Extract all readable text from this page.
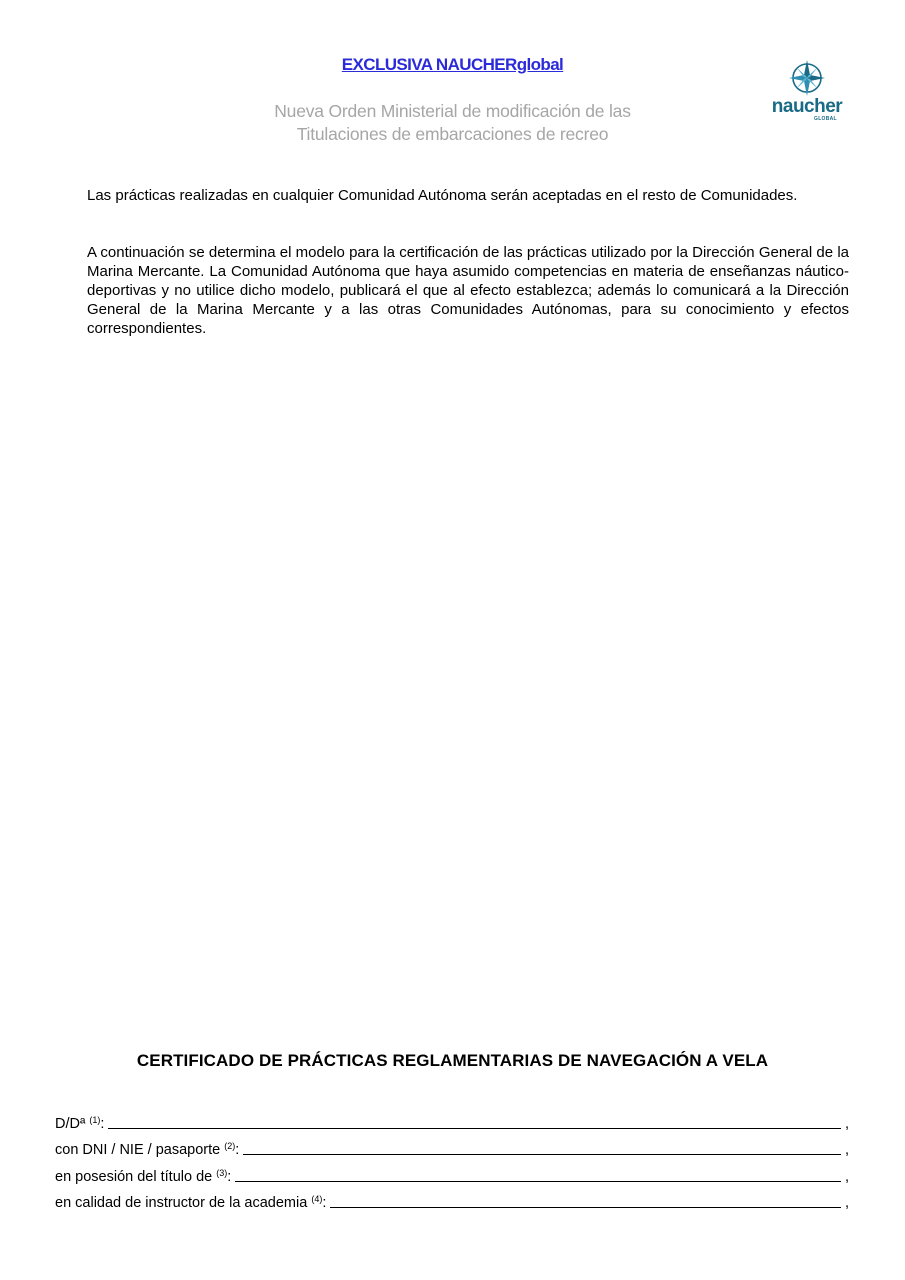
EXCLUSIVA NAUCHERglobal
Nueva Orden Ministerial de modificación de las
Titulaciones de embarcaciones de recreo
naucher
GLOBAL

Las prácticas realizadas en cualquier Comunidad Autónoma serán aceptadas en el resto de Comunidades.

A continuación se determina el modelo para la certificación de las prácticas utilizado por la Dirección General de la Marina Mercante. La Comunidad Autónoma que haya asumido competencias en materia de enseñanzas náutico-deportivas y no utilice dicho modelo, publicará el que al efecto establezca; además lo comunicará a la Dirección General de la Marina Mercante y a las otras Comunidades Autónomas, para su conocimiento y efectos correspondientes.

CERTIFICADO DE PRÁCTICAS REGLAMENTARIAS DE NAVEGACIÓN A VELA
D/Dª $^{(1)}$:	,
con DNI / NIE / pasaporte $^{(2)}$:	,
en posesión del título de $^{(3)}$:	,
en calidad de instructor de la academia $^{(4)}$:	,
